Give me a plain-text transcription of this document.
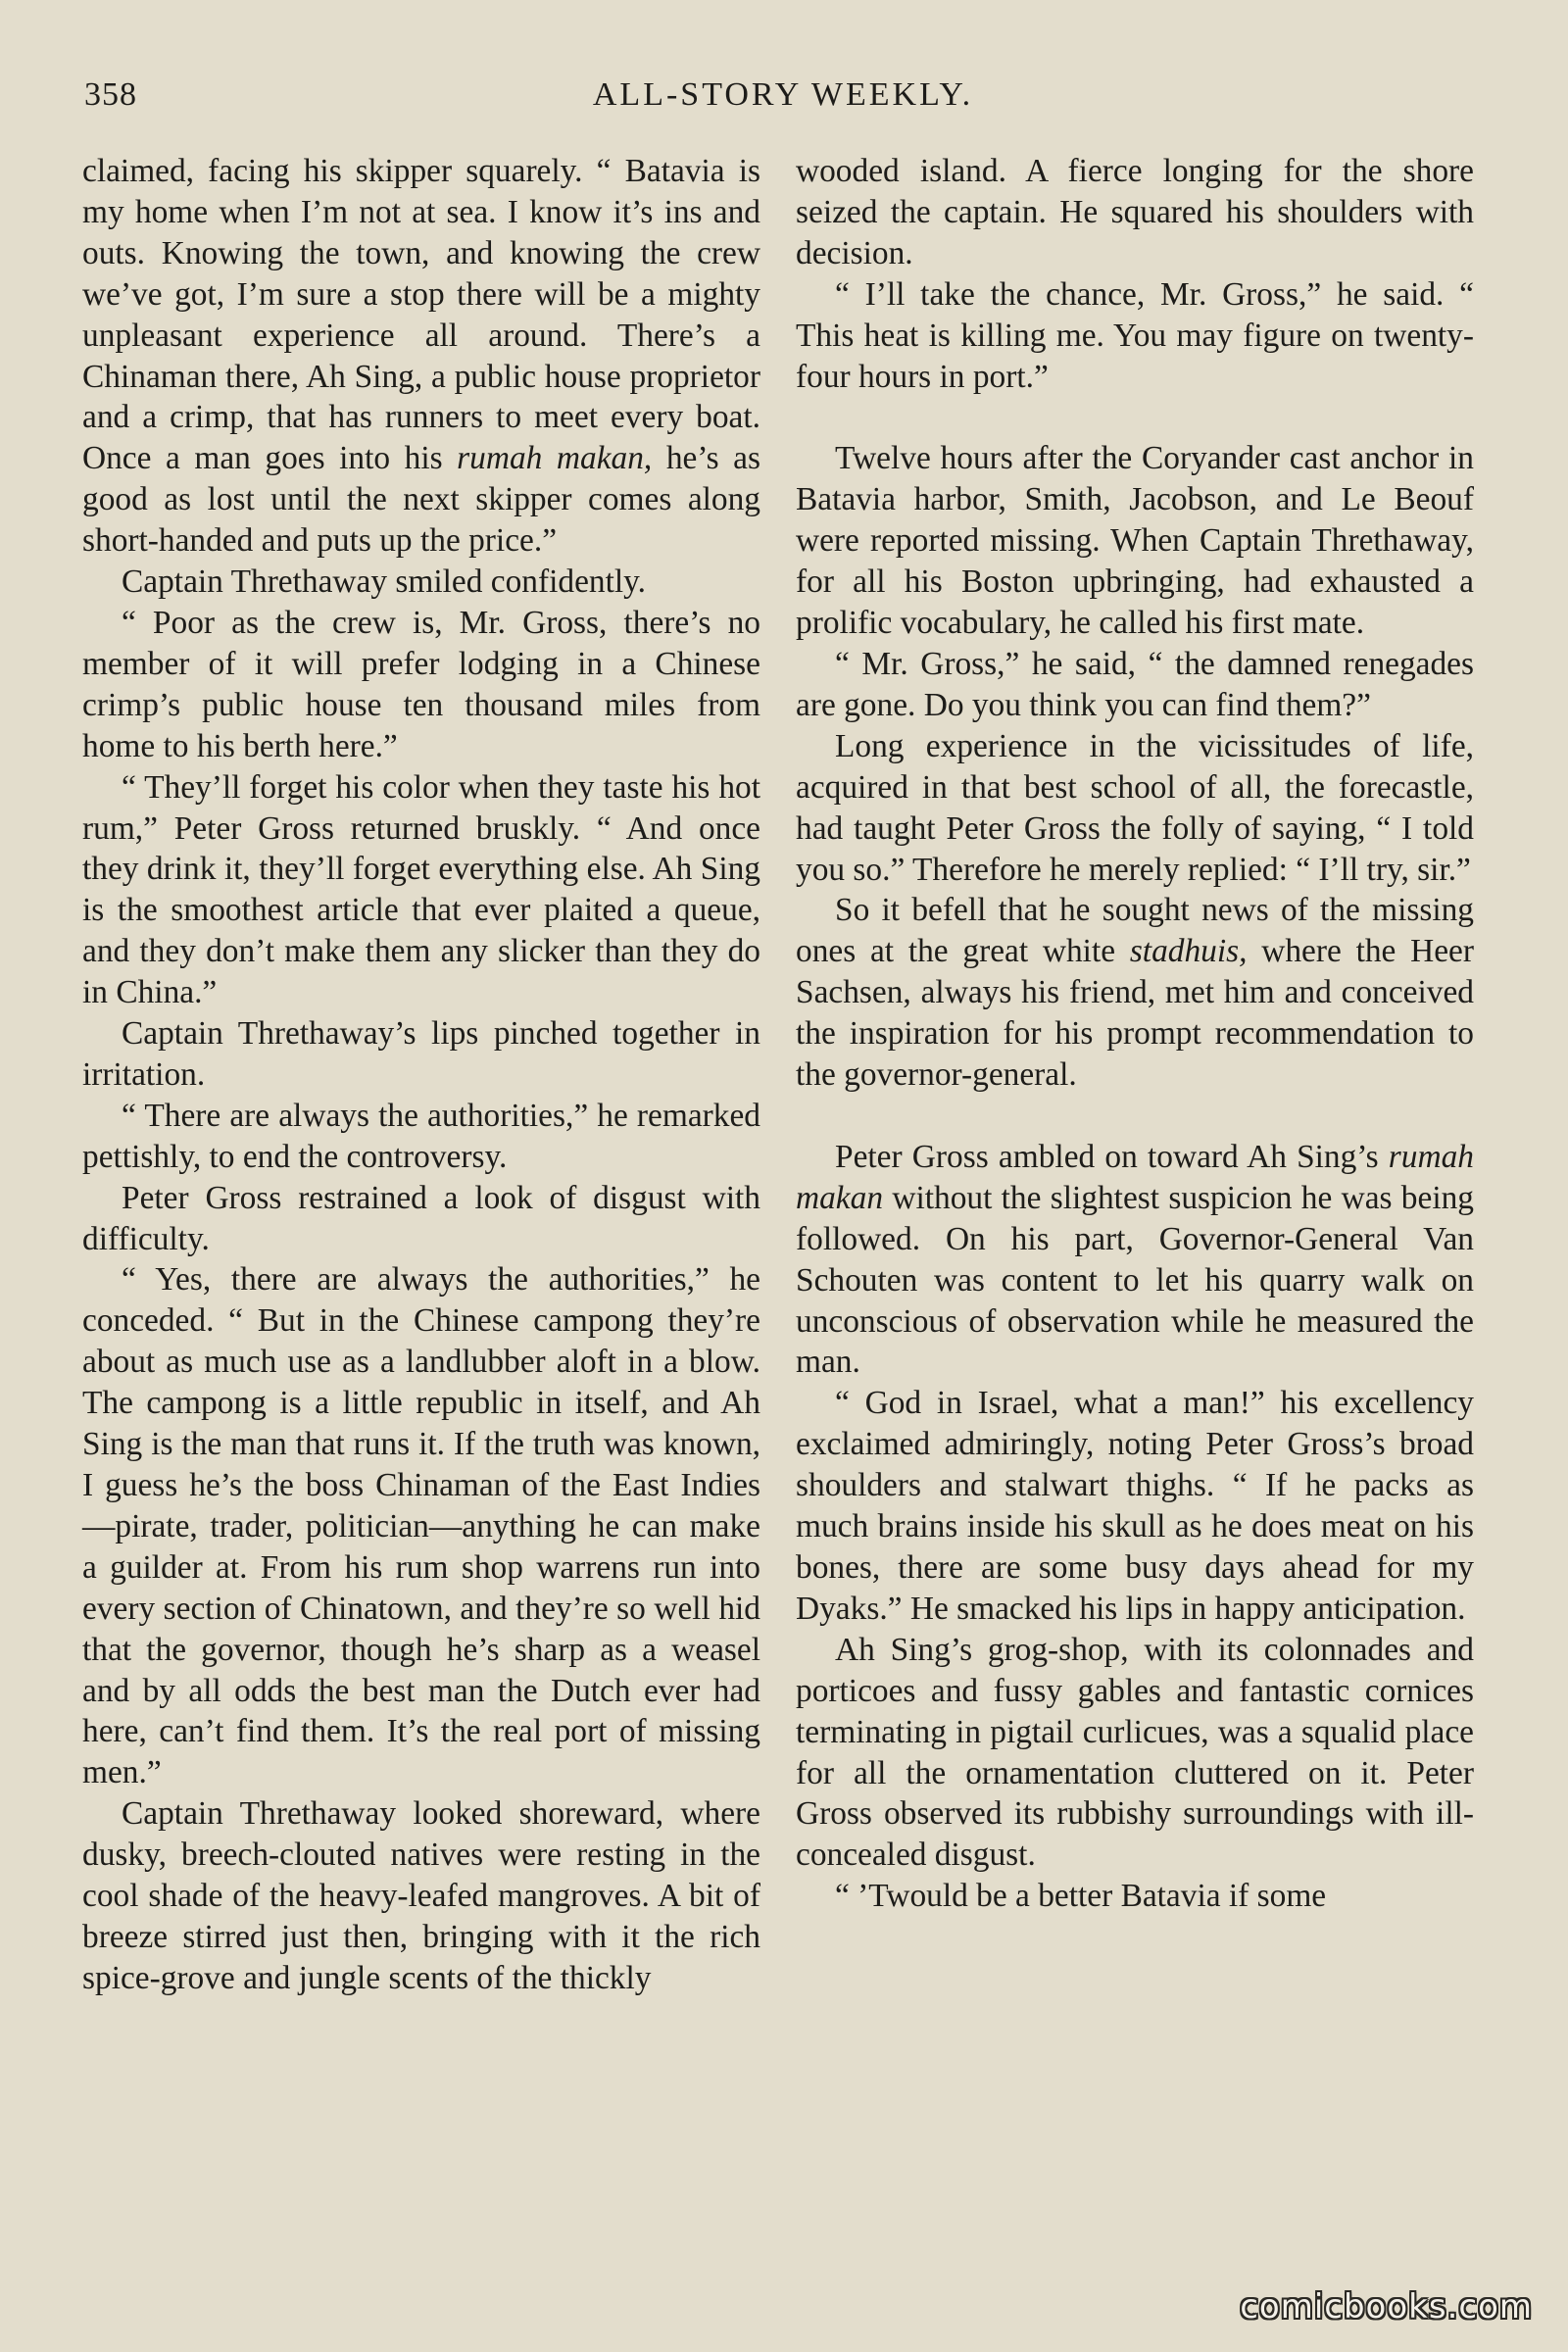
358	ALL-STORY WEEKLY.

claimed, facing his skipper squarely. “ Batavia is my home when I’m not at sea. I know it’s ins and outs. Knowing the town, and knowing the crew we’ve got, I’m sure a stop there will be a mighty unpleasant experience all around. There’s a Chinaman there, Ah Sing, a public house proprietor and a crimp, that has runners to meet every boat. Once a man goes into his rumah makan, he’s as good as lost until the next skipper comes along short-handed and puts up the price.”

Captain Threthaway smiled confidently.

“ Poor as the crew is, Mr. Gross, there’s no member of it will prefer lodging in a Chinese crimp’s public house ten thousand miles from home to his berth here.”

“ They’ll forget his color when they taste his hot rum,” Peter Gross returned bruskly. “ And once they drink it, they’ll forget everything else. Ah Sing is the smoothest article that ever plaited a queue, and they don’t make them any slicker than they do in China.”

Captain Threthaway’s lips pinched together in irritation.

“ There are always the authorities,” he remarked pettishly, to end the controversy.

Peter Gross restrained a look of disgust with difficulty.

“ Yes, there are always the authorities,” he conceded. “ But in the Chinese campong they’re about as much use as a landlubber aloft in a blow. The campong is a little republic in itself, and Ah Sing is the man that runs it. If the truth was known, I guess he’s the boss Chinaman of the East Indies—pirate, trader, politician—anything he can make a guilder at. From his rum shop warrens run into every section of Chinatown, and they’re so well hid that the governor, though he’s sharp as a weasel and by all odds the best man the Dutch ever had here, can’t find them. It’s the real port of missing men.”

Captain Threthaway looked shoreward, where dusky, breech-clouted natives were resting in the cool shade of the heavy-leafed mangroves. A bit of breeze stirred just then, bringing with it the rich spice-grove and jungle scents of the thickly

wooded island. A fierce longing for the shore seized the captain. He squared his shoulders with decision.

“ I’ll take the chance, Mr. Gross,” he said. “ This heat is killing me. You may figure on twenty-four hours in port.”

Twelve hours after the Coryander cast anchor in Batavia harbor, Smith, Jacobson, and Le Beouf were reported missing. When Captain Threthaway, for all his Boston upbringing, had exhausted a prolific vocabulary, he called his first mate.

“ Mr. Gross,” he said, “ the damned renegades are gone. Do you think you can find them?”

Long experience in the vicissitudes of life, acquired in that best school of all, the forecastle, had taught Peter Gross the folly of saying, “ I told you so.” Therefore he merely replied: “ I’ll try, sir.”

So it befell that he sought news of the missing ones at the great white stadhuis, where the Heer Sachsen, always his friend, met him and conceived the inspiration for his prompt recommendation to the governor-general.

Peter Gross ambled on toward Ah Sing’s rumah makan without the slightest suspicion he was being followed. On his part, Governor-General Van Schouten was content to let his quarry walk on unconscious of observation while he measured the man.

“ God in Israel, what a man!” his excellency exclaimed admiringly, noting Peter Gross’s broad shoulders and stalwart thighs. “ If he packs as much brains inside his skull as he does meat on his bones, there are some busy days ahead for my Dyaks.” He smacked his lips in happy anticipation.

Ah Sing’s grog-shop, with its colonnades and porticoes and fussy gables and fantastic cornices terminating in pigtail curlicues, was a squalid place for all the ornamentation cluttered on it. Peter Gross observed its rubbishy surroundings with ill-concealed disgust.

“ ’Twould be a better Batavia if some

comicbooks.com
